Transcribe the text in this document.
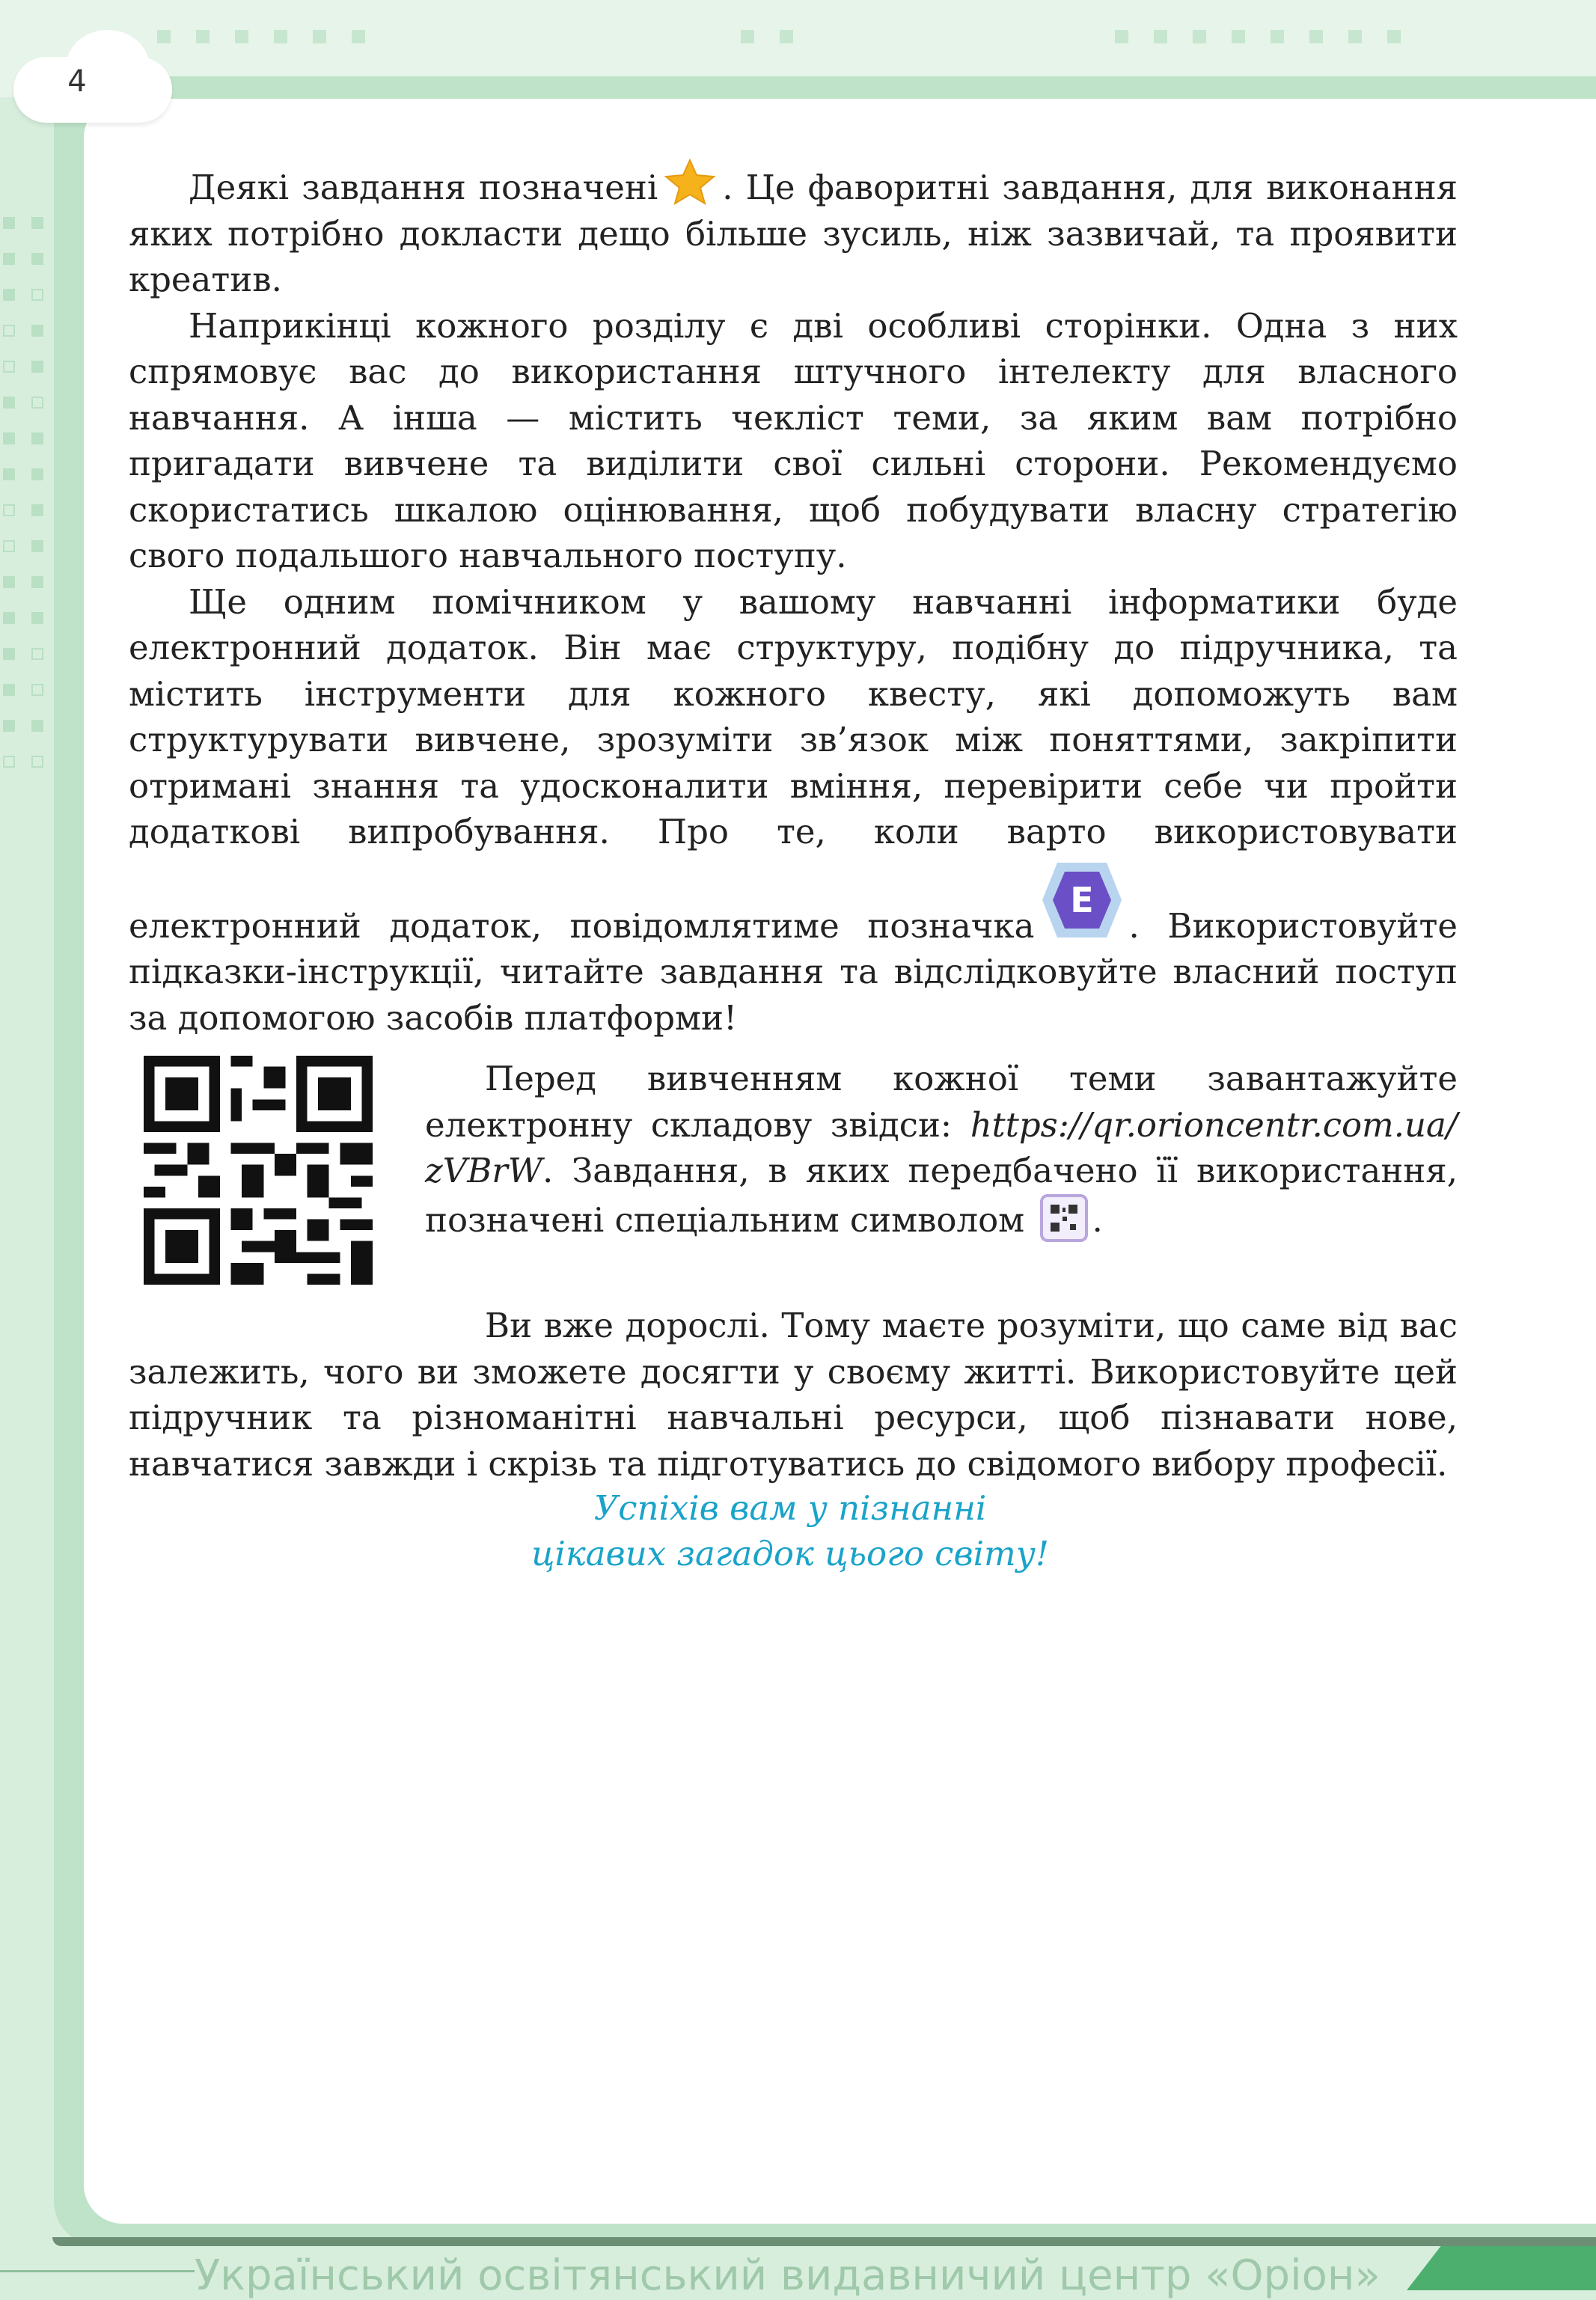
4

Деякі завдання позначені . Це фаворитні завдання, для виконання яких потрібно докласти дещо більше зусиль, ніж зазвичай, та проявити креатив.

Наприкінці кожного розділу є дві особливі сторінки. Одна з них спрямовує вас до використання штучного інтелекту для власного навчання. А інша — містить чекліст теми, за яким вам потрібно пригадати вивчене та виділити свої сильні сторони. Рекомендуємо скористатись шкалою оцінювання, щоб побудувати власну стратегію свого подальшого навчального поступу.

Ще одним помічником у вашому навчанні інформатики буде електронний додаток. Він має структуру, подібну до підручника, та містить інструменти для кожного квесту, які допоможуть вам структурувати вивчене, зрозуміти зв’язок між поняттями, закріпити отримані знання та удосконалити вміння, перевірити себе чи пройти додаткові випробування. Про те, коли варто використовувати електронний додаток, повідомлятиме позначка
E
. Використовуйте підказки-інструкції, читайте завдання та відслідковуйте власний поступ за допомогою засобів платформи!

Перед вивченням кожної теми завантажуйте електронну складову звідси: https://qr.orioncentr.com.ua/ zVBrW. Завдання, в яких передбачено її використання, позначені спеціальним символом .

Ви вже дорослі. Тому маєте розуміти, що саме від вас залежить, чого ви зможете досягти у своєму житті. Використовуйте цей підручник та різноманітні навчальні ресурси, щоб пізнавати нове, навчатися завжди і скрізь та підготуватись до свідомого вибору професії.

Успіхів вам у пізнанні
цікавих загадок цього світу!
Український освітянський видавничий центр «Оріон»
